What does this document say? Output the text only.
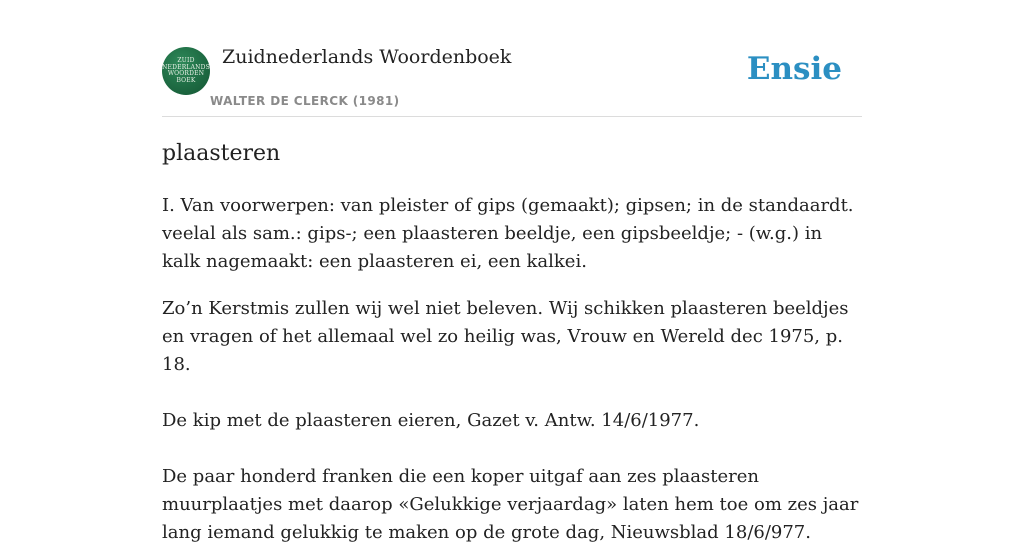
ZUID
NEDERLANDS
WOORDEN
BOEK
Zuidnederlands Woordenboek
WALTER DE CLERCK (1981)
Ensie
plaasteren

I. Van voorwerpen: van pleister of gips (gemaakt); gipsen; in de standaardt. veelal als sam.: gips-; een plaasteren beeldje, een gipsbeeldje; - (w.g.) in kalk nagemaakt: een plaasteren ei, een kalkei.

Zo’n Kerstmis zullen wij wel niet beleven. Wij schikken plaasteren beeldjes en vragen of het allemaal wel zo heilig was, Vrouw en Wereld dec 1975, p. 18.

De kip met de plaasteren eieren, Gazet v. Antw. 14/6/1977.

De paar honderd franken die een koper uitgaf aan zes plaasteren muurplaatjes met daarop «Gelukkige verjaardag» laten hem toe om zes jaar lang iemand gelukkig te maken op de grote dag, Nieuwsblad 18/6/977.
